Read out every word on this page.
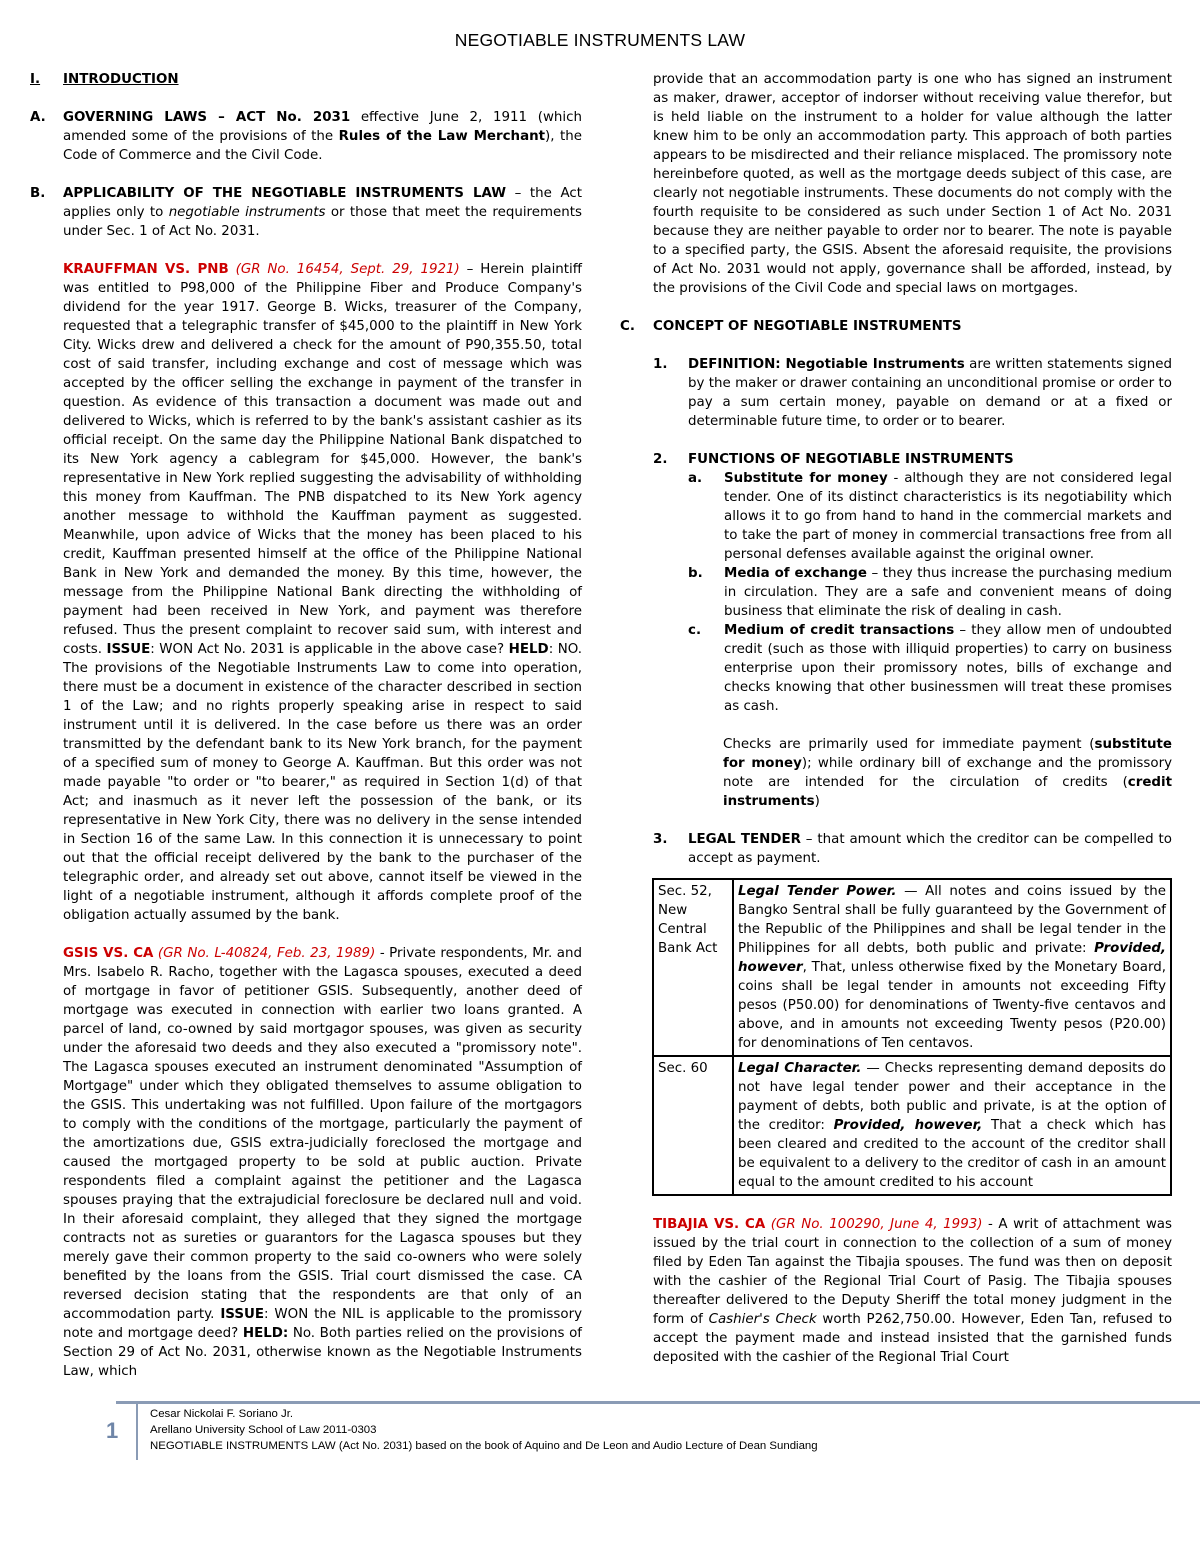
NEGOTIABLE INSTRUMENTS LAW
I.	INTRODUCTION
A.	GOVERNING LAWS – ACT No. 2031 effective June 2, 1911 (which amended some of the provisions of the Rules of the Law Merchant), the Code of Commerce and the Civil Code.

B.	APPLICABILITY OF THE NEGOTIABLE INSTRUMENTS LAW – the Act applies only to negotiable instruments or those that meet the requirements under Sec. 1 of Act No. 2031.

KRAUFFMAN VS. PNB (GR No. 16454, Sept. 29, 1921) – Herein plaintiff was entitled to P98,000 of the Philippine Fiber and Produce Company's dividend for the year 1917. George B. Wicks, treasurer of the Company, requested that a telegraphic transfer of $45,000 to the plaintiff in New York City. Wicks drew and delivered a check for the amount of P90,355.50, total cost of said transfer, including exchange and cost of message which was accepted by the officer selling the exchange in payment of the transfer in question. As evidence of this transaction a document was made out and delivered to Wicks, which is referred to by the bank's assistant cashier as its official receipt. On the same day the Philippine National Bank dispatched to its New York agency a cablegram for $45,000. However, the bank's representative in New York replied suggesting the advisability of withholding this money from Kauffman. The PNB dispatched to its New York agency another message to withhold the Kauffman payment as suggested. Meanwhile, upon advice of Wicks that the money has been placed to his credit, Kauffman presented himself at the office of the Philippine National Bank in New York and demanded the money. By this time, however, the message from the Philippine National Bank directing the withholding of payment had been received in New York, and payment was therefore refused. Thus the present complaint to recover said sum, with interest and costs. ISSUE: WON Act No. 2031 is applicable in the above case? HELD: NO. The provisions of the Negotiable Instruments Law to come into operation, there must be a document in existence of the character described in section 1 of the Law; and no rights properly speaking arise in respect to said instrument until it is delivered. In the case before us there was an order transmitted by the defendant bank to its New York branch, for the payment of a specified sum of money to George A. Kauffman. But this order was not made payable "to order or "to bearer," as required in Section 1(d) of that Act; and inasmuch as it never left the possession of the bank, or its representative in New York City, there was no delivery in the sense intended in Section 16 of the same Law. In this connection it is unnecessary to point out that the official receipt delivered by the bank to the purchaser of the telegraphic order, and already set out above, cannot itself be viewed in the light of a negotiable instrument, although it affords complete proof of the obligation actually assumed by the bank.

GSIS VS. CA (GR No. L-40824, Feb. 23, 1989) - Private respondents, Mr. and Mrs. Isabelo R. Racho, together with the Lagasca spouses, executed a deed of mortgage in favor of petitioner GSIS. Subsequently, another deed of mortgage was executed in connection with earlier two loans granted. A parcel of land, co-owned by said mortgagor spouses, was given as security under the aforesaid two deeds and they also executed a "promissory note". The Lagasca spouses executed an instrument denominated "Assumption of Mortgage" under which they obligated themselves to assume obligation to the GSIS. This undertaking was not fulfilled. Upon failure of the mortgagors to comply with the conditions of the mortgage, particularly the payment of the amortizations due, GSIS extra-judicially foreclosed the mortgage and caused the mortgaged property to be sold at public auction. Private respondents filed a complaint against the petitioner and the Lagasca spouses praying that the extrajudicial foreclosure be declared null and void. In their aforesaid complaint, they alleged that they signed the mortgage contracts not as sureties or guarantors for the Lagasca spouses but they merely gave their common property to the said co-owners who were solely benefited by the loans from the GSIS. Trial court dismissed the case. CA reversed decision stating that the respondents are that only of an accommodation party. ISSUE: WON the NIL is applicable to the promissory note and mortgage deed? HELD: No. Both parties relied on the provisions of Section 29 of Act No. 2031, otherwise known as the Negotiable Instruments Law, which

provide that an accommodation party is one who has signed an instrument as maker, drawer, acceptor of indorser without receiving value therefor, but is held liable on the instrument to a holder for value although the latter knew him to be only an accommodation party. This approach of both parties appears to be misdirected and their reliance misplaced. The promissory note hereinbefore quoted, as well as the mortgage deeds subject of this case, are clearly not negotiable instruments. These documents do not comply with the fourth requisite to be considered as such under Section 1 of Act No. 2031 because they are neither payable to order nor to bearer. The note is payable to a specified party, the GSIS. Absent the aforesaid requisite, the provisions of Act No. 2031 would not apply, governance shall be afforded, instead, by the provisions of the Civil Code and special laws on mortgages.

C.	CONCEPT OF NEGOTIABLE INSTRUMENTS
1.	DEFINITION: Negotiable Instruments are written statements signed by the maker or drawer containing an unconditional promise or order to pay a sum certain money, payable on demand or at a fixed or determinable future time, to order or to bearer.

2.	FUNCTIONS OF NEGOTIABLE INSTRUMENTS
a.	Substitute for money - although they are not considered legal tender. One of its distinct characteristics is its negotiability which allows it to go from hand to hand in the commercial markets and to take the part of money in commercial transactions free from all personal defenses available against the original owner.

b.	Media of exchange – they thus increase the purchasing medium in circulation. They are a safe and convenient means of doing business that eliminate the risk of dealing in cash.

c.	Medium of credit transactions – they allow men of undoubted credit (such as those with illiquid properties) to carry on business enterprise upon their promissory notes, bills of exchange and checks knowing that other businessmen will treat these promises as cash.

Checks are primarily used for immediate payment (substitute for money); while ordinary bill of exchange and the promissory note are intended for the circulation of credits (credit instruments)

3.	LEGAL TENDER – that amount which the creditor can be compelled to accept as payment.

Sec. 52, New Central Bank Act	Legal Tender Power. — All notes and coins issued by the Bangko Sentral shall be fully guaranteed by the Government of the Republic of the Philippines and shall be legal tender in the Philippines for all debts, both public and private: Provided, however, That, unless otherwise fixed by the Monetary Board, coins shall be legal tender in amounts not exceeding Fifty pesos (P50.00) for denominations of Twenty-five centavos and above, and in amounts not exceeding Twenty pesos (P20.00) for denominations of Ten centavos.
Sec. 60	Legal Character. — Checks representing demand deposits do not have legal tender power and their acceptance in the payment of debts, both public and private, is at the option of the creditor: Provided, however, That a check which has been cleared and credited to the account of the creditor shall be equivalent to a delivery to the creditor of cash in an amount equal to the amount credited to his account

TIBAJIA VS. CA (GR No. 100290, June 4, 1993) - A writ of attachment was issued by the trial court in connection to the collection of a sum of money filed by Eden Tan against the Tibajia spouses. The fund was then on deposit with the cashier of the Regional Trial Court of Pasig. The Tibajia spouses thereafter delivered to the Deputy Sheriff the total money judgment in the form of Cashier's Check worth P262,750.00. However, Eden Tan, refused to accept the payment made and instead insisted that the garnished funds deposited with the cashier of the Regional Trial Court

1
Cesar Nickolai F. Soriano Jr.
Arellano University School of Law 2011-0303
NEGOTIABLE INSTRUMENTS LAW (Act No. 2031) based on the book of Aquino and De Leon and Audio Lecture of Dean Sundiang
